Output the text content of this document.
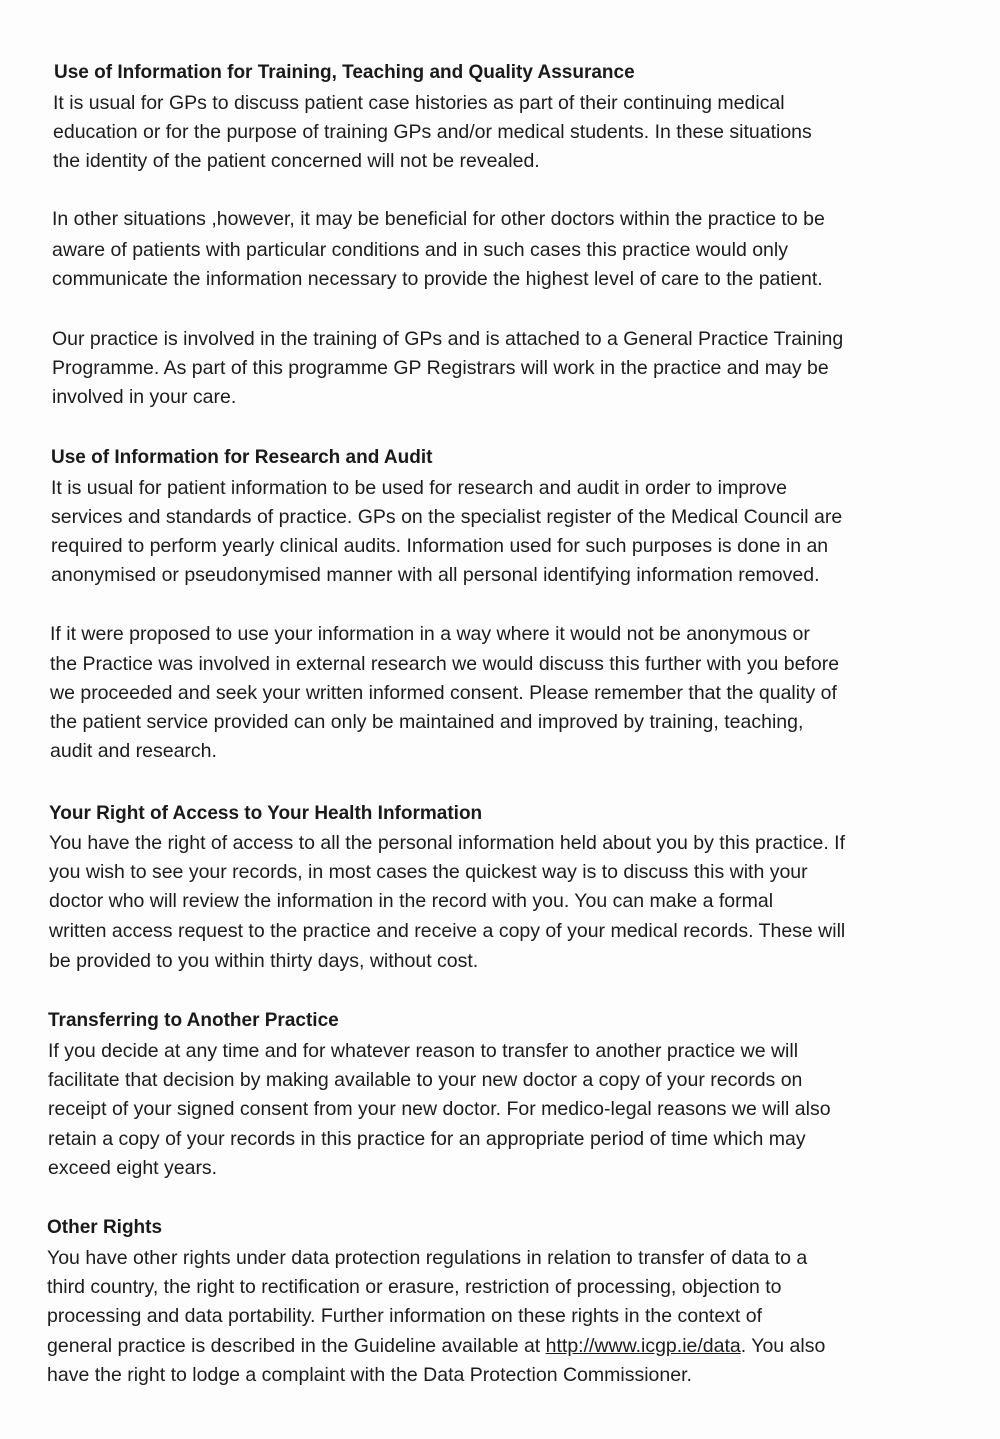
Use of Information for Training, Teaching and Quality Assurance
It is usual for GPs to discuss patient case histories as part of their continuing medical
education or for the purpose of training GPs and/or medical students. In these situations
the identity of the patient concerned will not be revealed.
In other situations ,however, it may be beneficial for other doctors within the practice to be
aware of patients with particular conditions and in such cases this practice would only
communicate the information necessary to provide the highest level of care to the patient.
Our practice is involved in the training of GPs and is attached to a General Practice Training
Programme. As part of this programme GP Registrars will work in the practice and may be
involved in your care.
Use of Information for Research and Audit
It is usual for patient information to be used for research and audit in order to improve
services and standards of practice. GPs on the specialist register of the Medical Council are
required to perform yearly clinical audits. Information used for such purposes is done in an
anonymised or pseudonymised manner with all personal identifying information removed.
If it were proposed to use your information in a way where it would not be anonymous or
the Practice was involved in external research we would discuss this further with you before
we proceeded and seek your written informed consent. Please remember that the quality of
the patient service provided can only be maintained and improved by training, teaching,
audit and research.
Your Right of Access to Your Health Information
You have the right of access to all the personal information held about you by this practice. If
you wish to see your records, in most cases the quickest way is to discuss this with your
doctor who will review the information in the record with you. You can make a formal
written access request to the practice and receive a copy of your medical records. These will
be provided to you within thirty days, without cost.
Transferring to Another Practice
If you decide at any time and for whatever reason to transfer to another practice we will
facilitate that decision by making available to your new doctor a copy of your records on
receipt of your signed consent from your new doctor. For medico-legal reasons we will also
retain a copy of your records in this practice for an appropriate period of time which may
exceed eight years.
Other Rights
You have other rights under data protection regulations in relation to transfer of data to a
third country, the right to rectification or erasure, restriction of processing, objection to
processing and data portability. Further information on these rights in the context of
general practice is described in the Guideline available at http://www.icgp.ie/data. You also
have the right to lodge a complaint with the Data Protection Commissioner.
